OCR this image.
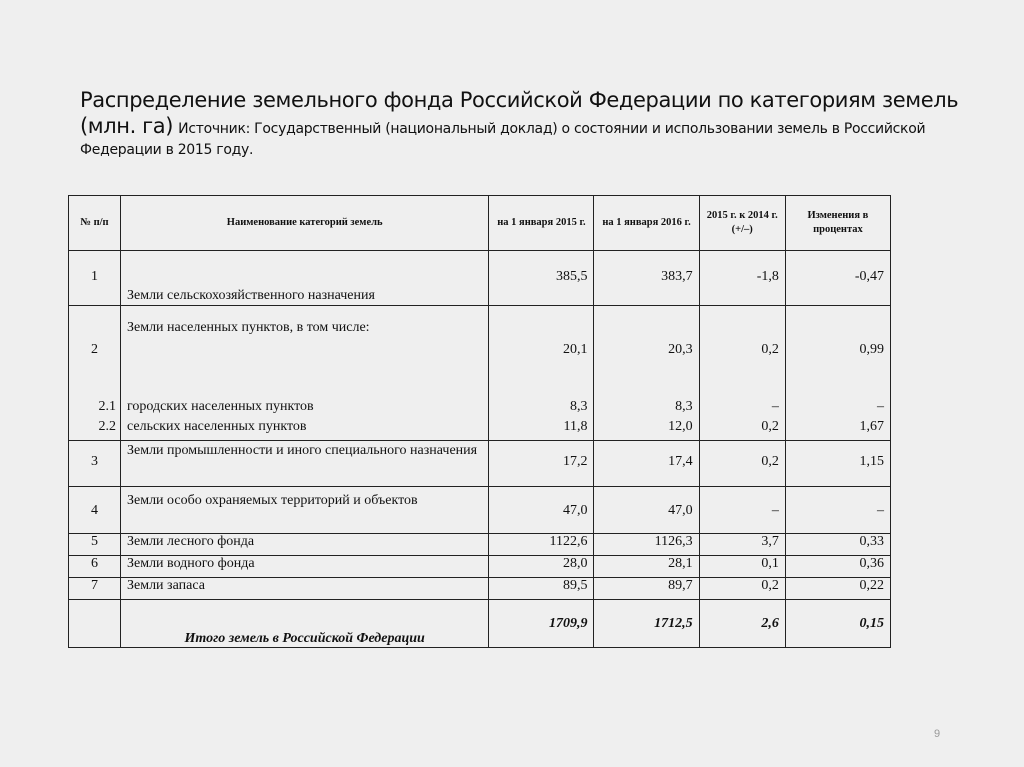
Распределение земельного фонда Российской Федерации по категориям земель (млн. га) Источник: Государственный (национальный доклад) о состоянии и использовании земель в Российской Федерации в 2015 году.
№ п/п	Наименование категорий земель	на 1 января 2015 г.	на 1 января 2016 г.	2015 г. к 2014 г. (+/–)	Изменения в процентах
1	Земли сельскохозяйственного назначения	385,5	383,7	-1,8	-0,47
2	Земли населенных пунктов, в том числе:	20,1	20,3	0,2	0,99
2.1	городских населенных пунктов	8,3	8,3	–	–
2.2	сельских населенных пунктов	11,8	12,0	0,2	1,67
3	Земли промышленности и иного специального назначения	17,2	17,4	0,2	1,15
4	Земли особо охраняемых территорий и объектов	47,0	47,0	–	–
5	Земли лесного фонда	1122,6	1126,3	3,7	0,33
6	Земли водного фонда	28,0	28,1	0,1	0,36
7	Земли запаса	89,5	89,7	0,2	0,22
	Итого земель в Российской Федерации	1709,9	1712,5	2,6	0,15
9
